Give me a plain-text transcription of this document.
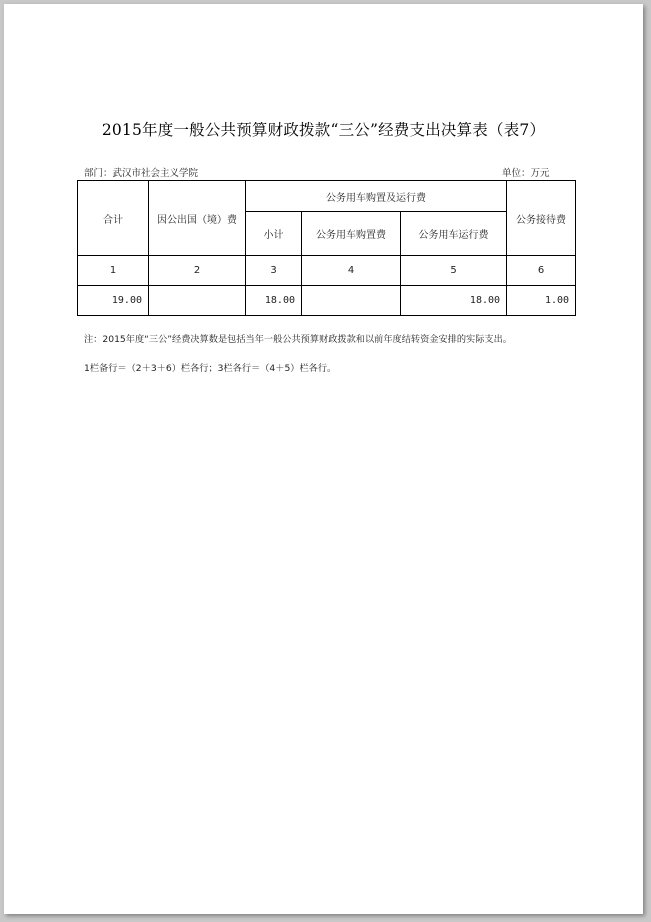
2015年度一般公共预算财政拨款“三公”经费支出决算表（表7）
部门：武汉市社会主义学院	单位：万元
合计	因公出国（境）费	公务用车购置及运行费			公务接待费
		小计	公务用车购置费	公务用车运行费	
1	2	3	4	5	6
19.00		18.00		18.00	1.00
注：2015年度“三公”经费决算数是包括当年一般公共预算财政拨款和以前年度结转资金安排的实际支出。
1栏备行＝（2＋3＋6）栏各行；3栏各行＝（4＋5）栏各行。
